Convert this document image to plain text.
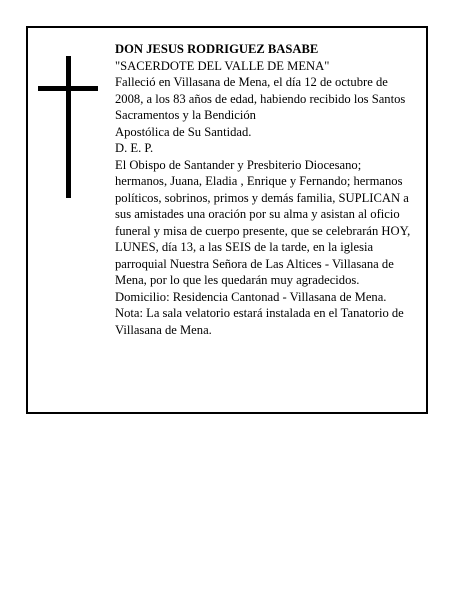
DON JESUS RODRIGUEZ BASABE

"SACERDOTE DEL VALLE DE MENA"

Falleció en Villasana de Mena, el día 12 de octubre de 2008, a los 83 años de edad, habiendo recibido los Santos Sacramentos y la Bendición

Apostólica de Su Santidad.

D. E. P.

El Obispo de Santander y Presbiterio Diocesano; hermanos, Juana, Eladia , Enrique y Fernando; hermanos políticos, sobrinos, primos y demás familia, SUPLICAN a sus amistades una oración por su alma y asistan al oficio funeral y misa de cuerpo presente, que se celebrarán HOY, LUNES, día 13, a las SEIS de la tarde, en la iglesia parroquial Nuestra Señora de Las Altices - Villasana de Mena, por lo que les quedarán muy agradecidos.

Domicilio: Residencia Cantonad - Villasana de Mena.

Nota: La sala velatorio estará instalada en el Tanatorio de Villasana de Mena.
